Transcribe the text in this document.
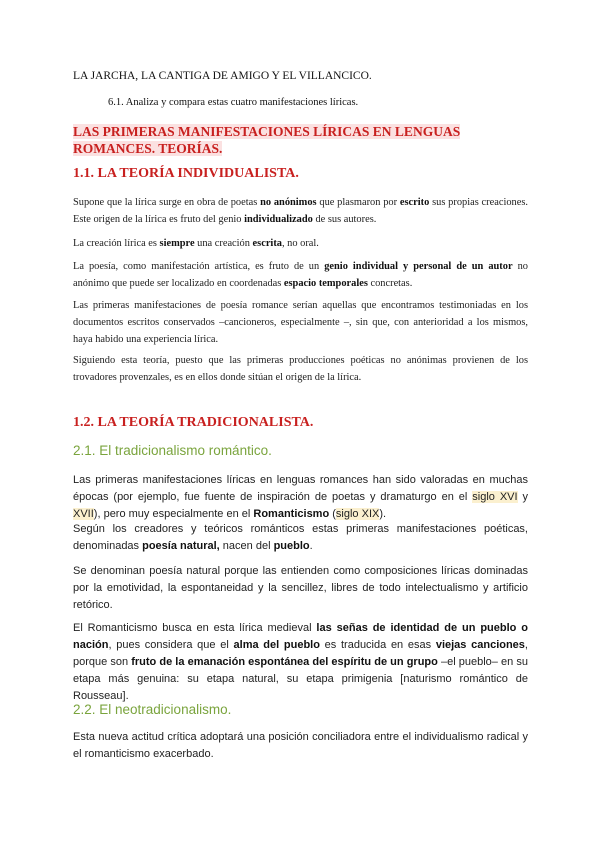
LA JARCHA, LA CANTIGA DE AMIGO Y EL VILLANCICO.
6.1. Analiza y compara estas cuatro manifestaciones líricas.
LAS PRIMERAS MANIFESTACIONES LÍRICAS EN LENGUAS
ROMANCES. TEORÍAS.
1.1. LA TEORÍA INDIVIDUALISTA.
Supone que la lírica surge en obra de poetas no anónimos que plasmaron por escrito sus propias creaciones. Este origen de la lírica es fruto del genio individualizado de sus autores.
La creación lírica es siempre una creación escrita, no oral.
La poesía, como manifestación artística, es fruto de un genio individual y personal de un autor no anónimo que puede ser localizado en coordenadas espacio temporales concretas.
Las primeras manifestaciones de poesía romance serían aquellas que encontramos testimoniadas en los documentos escritos conservados –cancioneros, especialmente –, sin que, con anterioridad a los mismos, haya habido una experiencia lírica.
Siguiendo esta teoría, puesto que las primeras producciones poéticas no anónimas provienen de los trovadores provenzales, es en ellos donde sitúan el origen de la lírica.
1.2. LA TEORÍA TRADICIONALISTA.
2.1. El tradicionalismo romántico.
Las primeras manifestaciones líricas en lenguas romances han sido valoradas en muchas épocas (por ejemplo, fue fuente de inspiración de poetas y dramaturgo en el siglo XVI y XVII), pero muy especialmente en el Romanticismo (siglo XIX).
Según los creadores y teóricos románticos estas primeras manifestaciones poéticas, denominadas poesía natural, nacen del pueblo.
Se denominan poesía natural porque las entienden como composiciones líricas dominadas por la emotividad, la espontaneidad y la sencillez, libres de todo intelectualismo y artificio retórico.
El Romanticismo busca en esta lírica medieval las señas de identidad de un pueblo o nación, pues considera que el alma del pueblo es traducida en esas viejas canciones, porque son fruto de la emanación espontánea del espíritu de un grupo –el pueblo– en su etapa más genuina: su etapa natural, su etapa primigenia [naturismo romántico de Rousseau].
2.2. El neotradicionalismo.
Esta nueva actitud crítica adoptará una posición conciliadora entre el individualismo radical y el romanticismo exacerbado.
